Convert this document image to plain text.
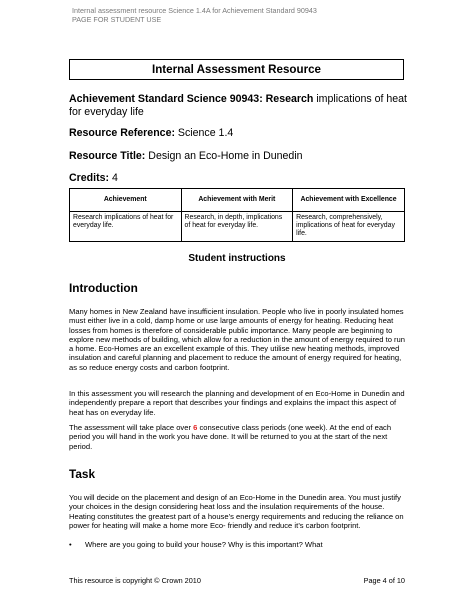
Internal assessment resource Science 1.4A for Achievement Standard 90943
PAGE FOR STUDENT USE
Internal Assessment Resource
Achievement Standard Science 90943: Research implications of heat for everyday life
Resource Reference: Science 1.4
Resource Title: Design an Eco-Home in Dunedin
Credits: 4
Achievement	Achievement with Merit	Achievement with Excellence
Research implications of heat for everyday life.	Research, in depth, implications of heat for everyday life.	Research, comprehensively, implications of heat for everyday life.
Student instructions
Introduction
Many homes in New Zealand have insufficient insulation. People who live in poorly insulated homes must either live in a cold, damp home or use large amounts of energy for heating. Reducing heat losses from homes is therefore of considerable public importance. Many people are beginning to explore new methods of building, which allow for a reduction in the amount of energy required to run a home. Eco-Homes are an excellent example of this. They utilise new heating methods, improved insulation and careful planning and placement to reduce the amount of energy required for heating, as so reduce energy costs and carbon footprint.
In this assessment you will research the planning and development of en Eco-Home in Dunedin and independently prepare a report that describes your findings and explains the impact this aspect of heat has on everyday life.
The assessment will take place over 6 consecutive class periods (one week). At the end of each period you will hand in the work you have done. It will be returned to you at the start of the next period.
Task
You will decide on the placement and design of an Eco-Home in the Dunedin area. You must justify your choices in the design considering heat loss and the insulation requirements of the house. Heating constitutes the greatest part of a house’s energy requirements and reducing the reliance on power for heating will make a home more Eco- friendly and reduce it’s carbon footprint.
• Where are you going to build your house? Why is this important? What
This resource is copyright © Crown 2010	Page 4 of 10
